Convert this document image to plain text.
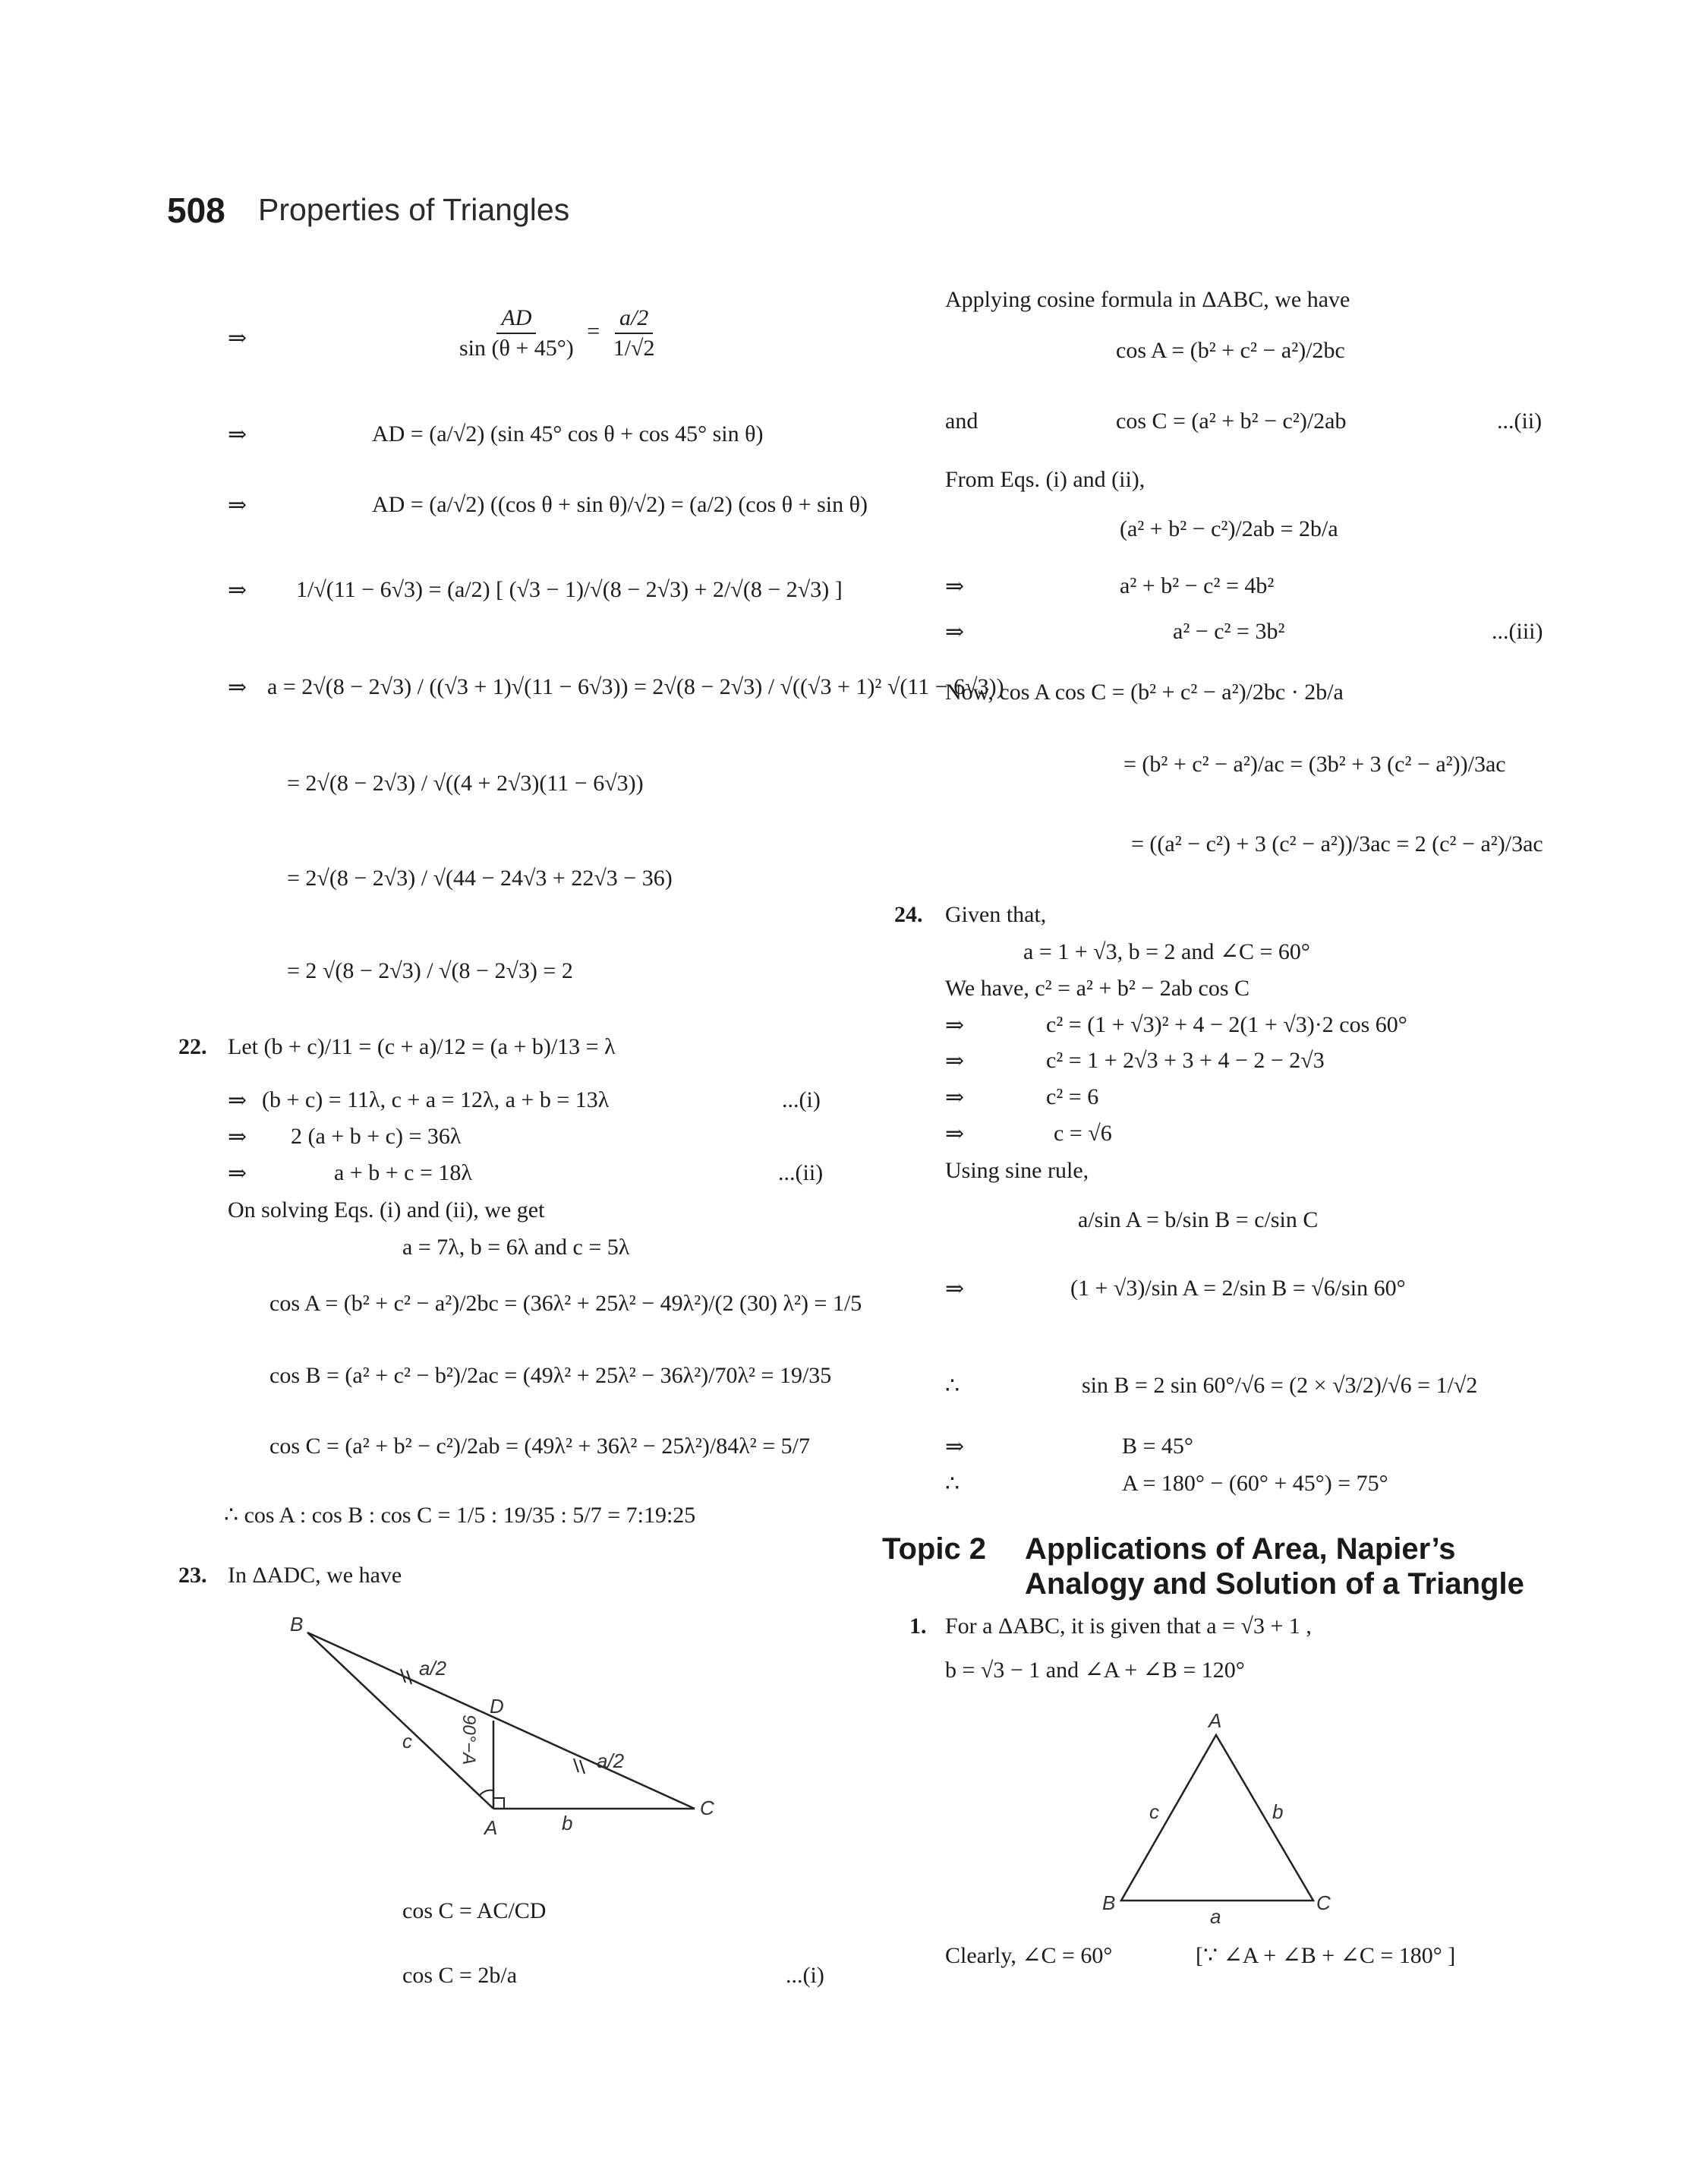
508 Properties of Triangles
⇒	$\frac{AD}{\sin (\theta + 45^\circ)} = \frac{a/2}{1/√2}$
⇒	AD = (a/√2) (sin 45° cos θ + cos 45° sin θ)
⇒	AD = (a/√2) ((cos θ + sin θ)/√2) = (a/2) (cos θ + sin θ)
⇒ 1/√(11 − 6√3) = (a/2) [ (√3 − 1)/√(8 − 2√3) + 2/√(8 − 2√3) ]
⇒ a = 2√(8 − 2√3) / ((√3 + 1)√(11 − 6√3)) = 2√(8 − 2√3) / √((√3 + 1)² √(11 − 6√3))
= 2√(8 − 2√3) / √((4 + 2√3)(11 − 6√3))
= 2√(8 − 2√3) / √(44 − 24√3 + 22√3 − 36)
= 2 √(8 − 2√3) / √(8 − 2√3) = 2
22. Let (b + c)/11 = (c + a)/12 = (a + b)/13 = λ
⇒ (b + c) = 11λ, c + a = 12λ, a + b = 13λ	...(i)
⇒ 2 (a + b + c) = 36λ
⇒	a + b + c = 18λ	...(ii)
On solving Eqs. (i) and (ii), we get
a = 7λ, b = 6λ and c = 5λ
cos A = (b² + c² − a²)/2bc = (36λ² + 25λ² − 49λ²)/(2 (30) λ²) = 1/5
cos B = (a² + c² − b²)/2ac = (49λ² + 25λ² − 36λ²)/70λ² = 19/35
cos C = (a² + b² − c²)/2ab = (49λ² + 36λ² − 25λ²)/84λ² = 5/7
∴ cos A : cos B : cos C = 1/5 : 19/35 : 5/7 = 7:19:25
23. In ΔADC, we have
B
D
A
C
c
b
a/2
a/2
90°−A
cos C = AC/CD
cos C = 2b/a	...(i)
Applying cosine formula in ΔABC, we have
cos A = (b² + c² − a²)/2bc
and	cos C = (a² + b² − c²)/2ab	...(ii)
From Eqs. (i) and (ii),
(a² + b² − c²)/2ab = 2b/a
⇒	a² + b² − c² = 4b²
⇒	a² − c² = 3b²	...(iii)
Now, cos A cos C = (b² + c² − a²)/2bc · 2b/a
= (b² + c² − a²)/ac = (3b² + 3 (c² − a²))/3ac
= ((a² − c²) + 3 (c² − a²))/3ac = 2 (c² − a²)/3ac
24. Given that,
a = 1 + √3, b = 2 and ∠C = 60°
We have, c² = a² + b² − 2ab cos C
⇒	c² = (1 + √3)² + 4 − 2(1 + √3)·2 cos 60°
⇒	c² = 1 + 2√3 + 3 + 4 − 2 − 2√3
⇒	c² = 6
⇒	c = √6
Using sine rule,
a/sin A = b/sin B = c/sin C
⇒	(1 + √3)/sin A = 2/sin B = √6/sin 60°
∴	sin B = 2 sin 60°/√6 = (2 × √3/2)/√6 = 1/√2
⇒	B = 45°
∴	A = 180° − (60° + 45°) = 75°
Topic 2 Applications of Area, Napier’s
Analogy and Solution of a Triangle
1. For a ΔABC, it is given that a = √3 + 1 ,
b = √3 − 1 and ∠A + ∠B = 120°
A
B	C
a
b
c
Clearly, ∠C = 60°	[∵ ∠A + ∠B + ∠C = 180° ]
